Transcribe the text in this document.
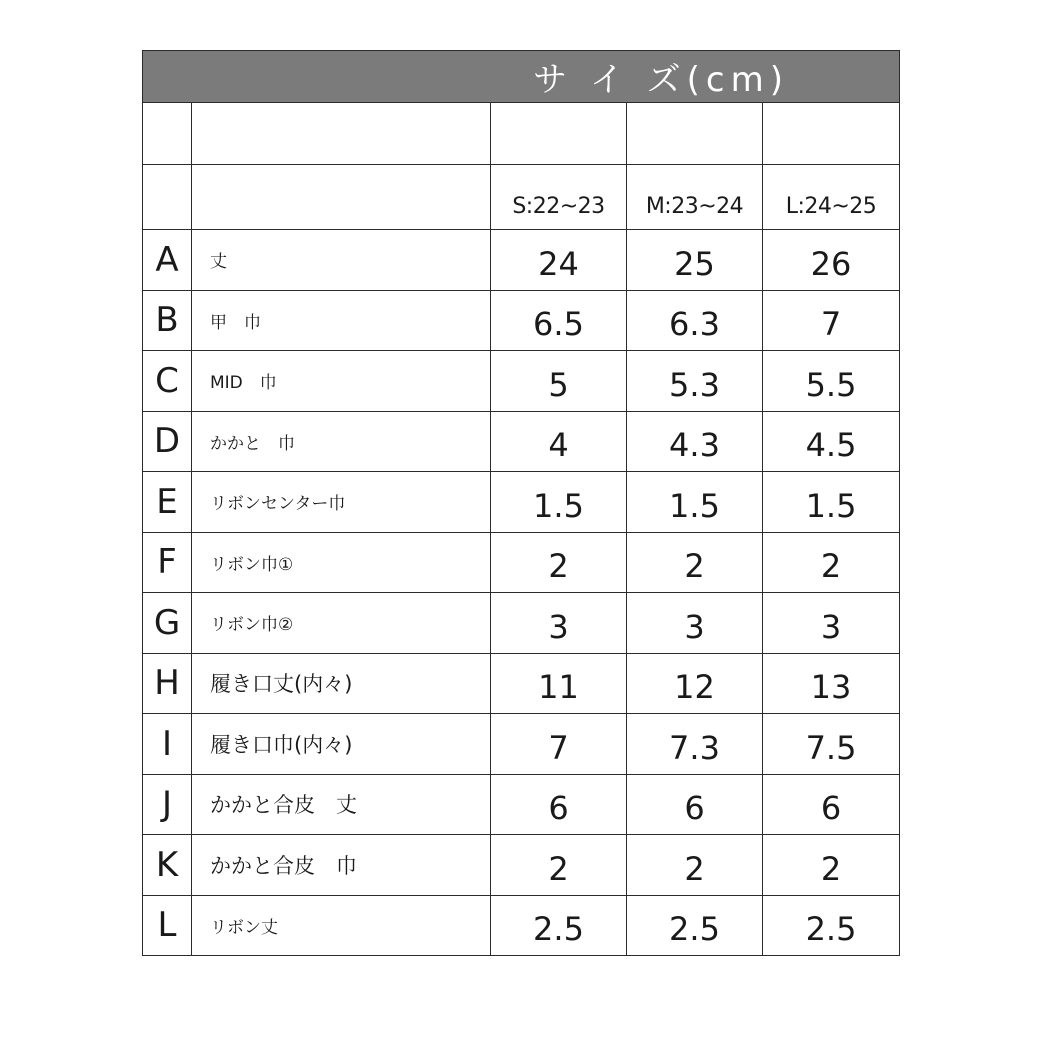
サ イ ズ(cm)				

		S:22~23	M:23~24	L:24~25
A	丈	24	25	26
B	甲　巾	6.5	6.3	7
C	MID　巾	5	5.3	5.5
D	かかと　巾	4	4.3	4.5
E	リボンセンター巾	1.5	1.5	1.5
F	リボン巾①	2	2	2
G	リボン巾②	3	3	3
H	履き口丈(内々)	11	12	13
I	履き口巾(内々)	7	7.3	7.5
J	かかと合皮　丈	6	6	6
K	かかと合皮　巾	2	2	2
L	リボン丈	2.5	2.5	2.5
